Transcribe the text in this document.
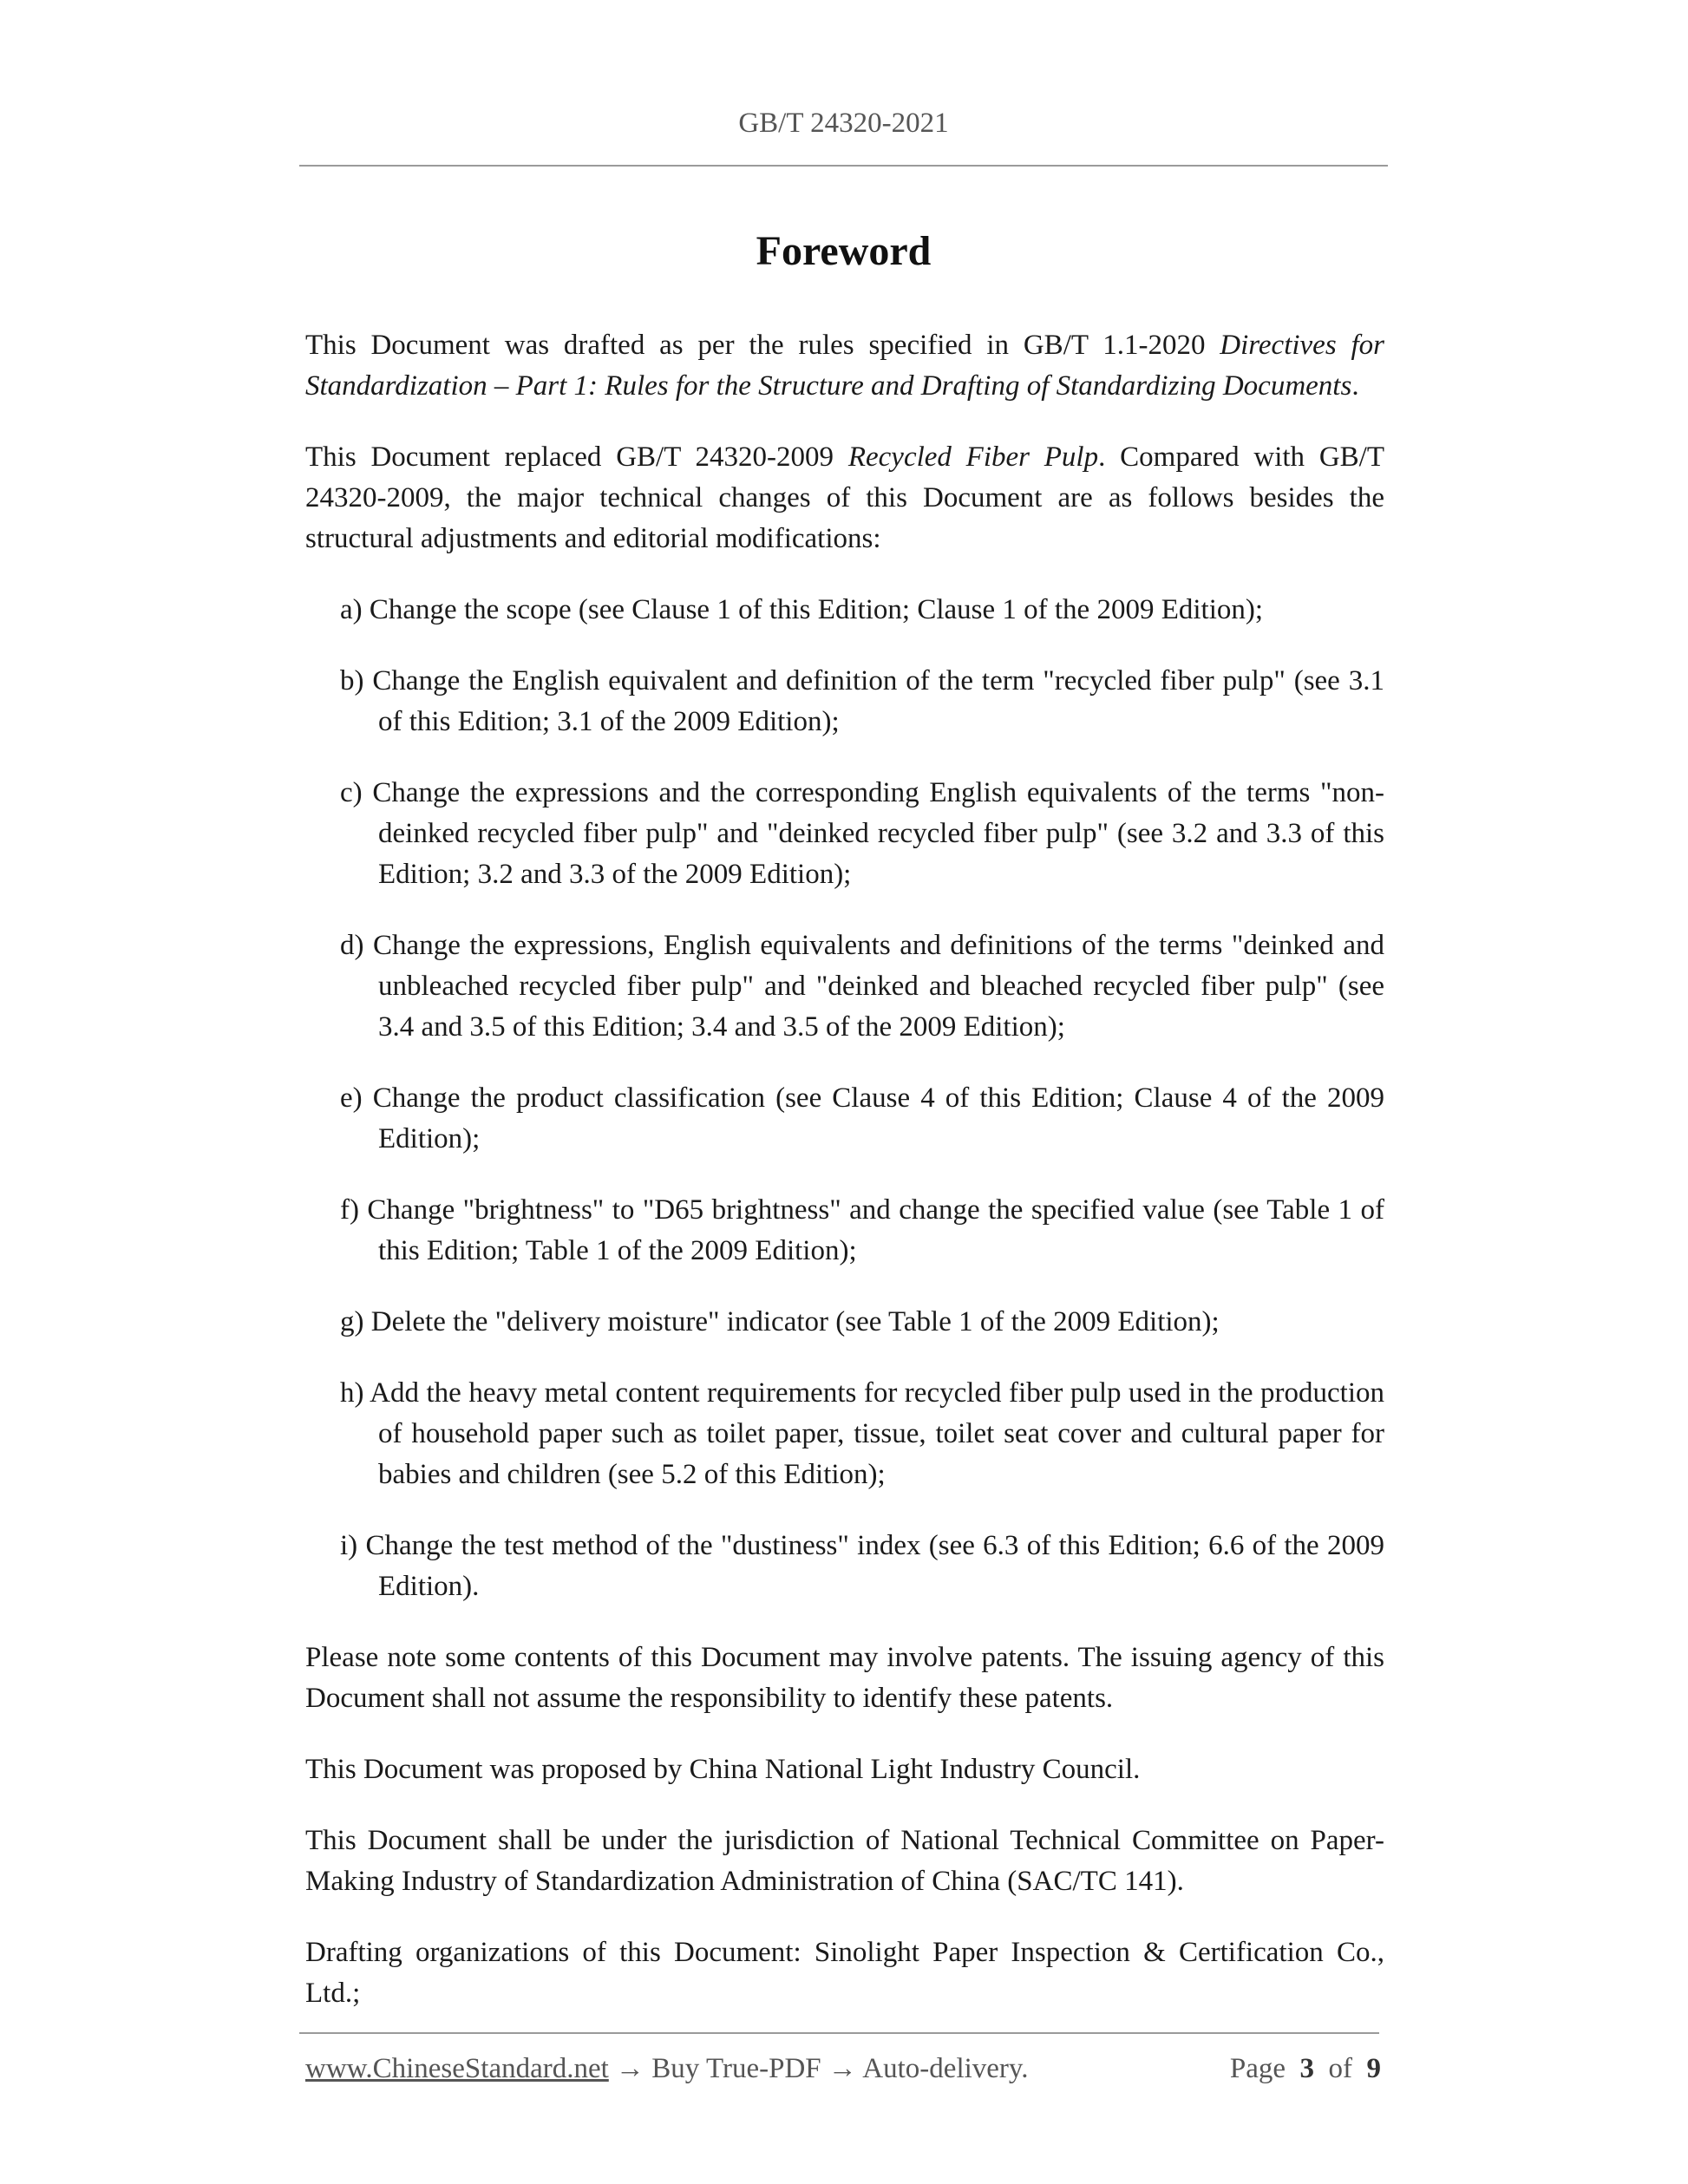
GB/T 24320-2021
Foreword

This Document was drafted as per the rules specified in GB/T 1.1-2020 Directives for Standardization – Part 1: Rules for the Structure and Drafting of Standardizing Documents.

This Document replaced GB/T 24320-2009 Recycled Fiber Pulp. Compared with GB/T 24320-2009, the major technical changes of this Document are as follows besides the structural adjustments and editorial modifications:

a) Change the scope (see Clause 1 of this Edition; Clause 1 of the 2009 Edition);
b) Change the English equivalent and definition of the term "recycled fiber pulp" (see 3.1 of this Edition; 3.1 of the 2009 Edition);
c) Change the expressions and the corresponding English equivalents of the terms "non-deinked recycled fiber pulp" and "deinked recycled fiber pulp" (see 3.2 and 3.3 of this Edition; 3.2 and 3.3 of the 2009 Edition);
d) Change the expressions, English equivalents and definitions of the terms "deinked and unbleached recycled fiber pulp" and "deinked and bleached recycled fiber pulp" (see 3.4 and 3.5 of this Edition; 3.4 and 3.5 of the 2009 Edition);
e) Change the product classification (see Clause 4 of this Edition; Clause 4 of the 2009 Edition);
f) Change "brightness" to "D65 brightness" and change the specified value (see Table 1 of this Edition; Table 1 of the 2009 Edition);
g) Delete the "delivery moisture" indicator (see Table 1 of the 2009 Edition);
h) Add the heavy metal content requirements for recycled fiber pulp used in the production of household paper such as toilet paper, tissue, toilet seat cover and cultural paper for babies and children (see 5.2 of this Edition);
i) Change the test method of the "dustiness" index (see 6.3 of this Edition; 6.6 of the 2009 Edition).

Please note some contents of this Document may involve patents. The issuing agency of this Document shall not assume the responsibility to identify these patents.

This Document was proposed by China National Light Industry Council.

This Document shall be under the jurisdiction of National Technical Committee on Paper-Making Industry of Standardization Administration of China (SAC/TC 141).

Drafting organizations of this Document: Sinolight Paper Inspection & Certification Co., Ltd.;

www.ChineseStandard.net → Buy True-PDF → Auto-delivery.	Page 3 of 9
